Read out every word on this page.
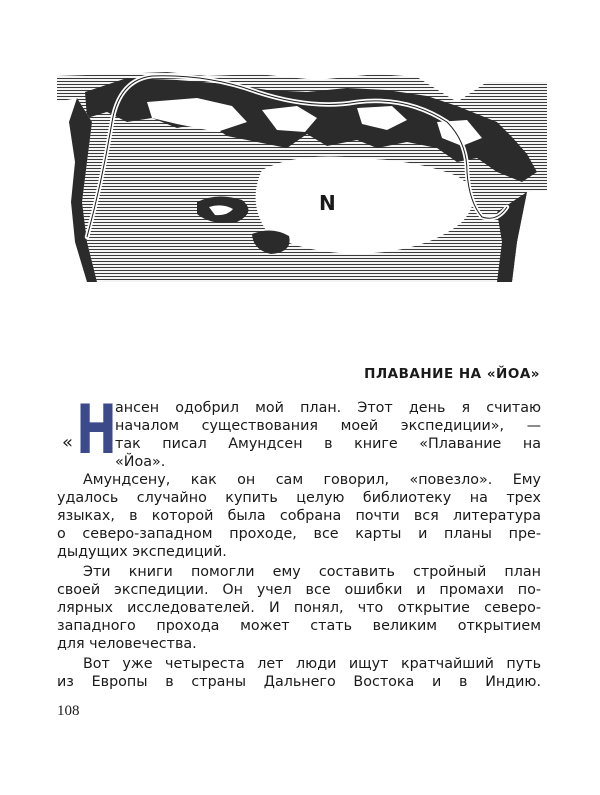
N
ПЛАВАНИЕ НА «ЙОА»
« Н
ансен одобрил мой план. Этот день я считаю
началом существования моей экспедиции», —
так писал Амундсен в книге «Плавание на
«Йоа».
Амундсену, как он сам говорил, «повезло». Ему
удалось случайно купить целую библиотеку на трех
языках, в которой была собрана почти вся литература
о северо-западном проходе, все карты и планы пре-
дыдущих экспедиций.
Эти книги помогли ему составить стройный план
своей экспедиции. Он учел все ошибки и промахи по-
лярных исследователей. И понял, что открытие северо-
западного прохода может стать великим открытием
для человечества.
Вот уже четыреста лет люди ищут кратчайший путь
из Европы в страны Дальнего Востока и в Индию.
108
